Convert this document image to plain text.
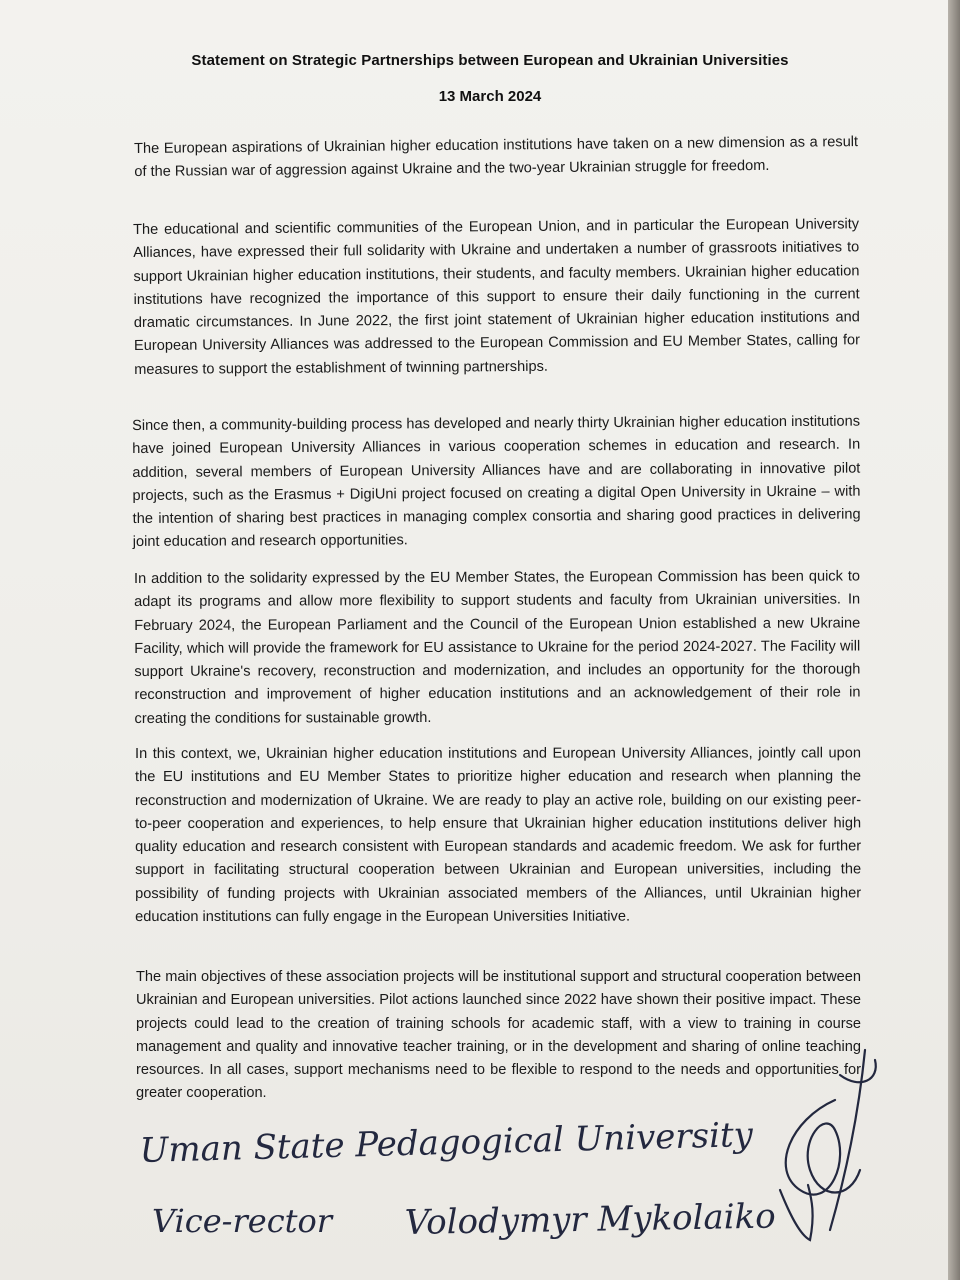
Statement on Strategic Partnerships between European and Ukrainian Universities
13 March 2024

The European aspirations of Ukrainian higher education institutions have taken on a new dimension as a result of the Russian war of aggression against Ukraine and the two-year Ukrainian struggle for freedom.

The educational and scientific communities of the European Union, and in particular the European University Alliances, have expressed their full solidarity with Ukraine and undertaken a number of grassroots initiatives to support Ukrainian higher education institutions, their students, and faculty members. Ukrainian higher education institutions have recognized the importance of this support to ensure their daily functioning in the current dramatic circumstances. In June 2022, the first joint statement of Ukrainian higher education institutions and European University Alliances was addressed to the European Commission and EU Member States, calling for measures to support the establishment of twinning partnerships.

Since then, a community-building process has developed and nearly thirty Ukrainian higher education institutions have joined European University Alliances in various cooperation schemes in education and research. In addition, several members of European University Alliances have and are collaborating in innovative pilot projects, such as the Erasmus + DigiUni project focused on creating a digital Open University in Ukraine – with the intention of sharing best practices in managing complex consortia and sharing good practices in delivering joint education and research opportunities.

In addition to the solidarity expressed by the EU Member States, the European Commission has been quick to adapt its programs and allow more flexibility to support students and faculty from Ukrainian universities. In February 2024, the European Parliament and the Council of the European Union established a new Ukraine Facility, which will provide the framework for EU assistance to Ukraine for the period 2024-2027. The Facility will support Ukraine's recovery, reconstruction and modernization, and includes an opportunity for the thorough reconstruction and improvement of higher education institutions and an acknowledgement of their role in creating the conditions for sustainable growth.

In this context, we, Ukrainian higher education institutions and European University Alliances, jointly call upon the EU institutions and EU Member States to prioritize higher education and research when planning the reconstruction and modernization of Ukraine. We are ready to play an active role, building on our existing peer-to-peer cooperation and experiences, to help ensure that Ukrainian higher education institutions deliver high quality education and research consistent with European standards and academic freedom. We ask for further support in facilitating structural cooperation between Ukrainian and European universities, including the possibility of funding projects with Ukrainian associated members of the Alliances, until Ukrainian higher education institutions can fully engage in the European Universities Initiative.

The main objectives of these association projects will be institutional support and structural cooperation between Ukrainian and European universities. Pilot actions launched since 2022 have shown their positive impact. These projects could lead to the creation of training schools for academic staff, with a view to training in course management and quality and innovative teacher training, or in the development and sharing of online teaching resources. In all cases, support mechanisms need to be flexible to respond to the needs and opportunities for greater cooperation.

Uman State Pedagogical University
Vice-rector Volodymyr Mykolaiko
